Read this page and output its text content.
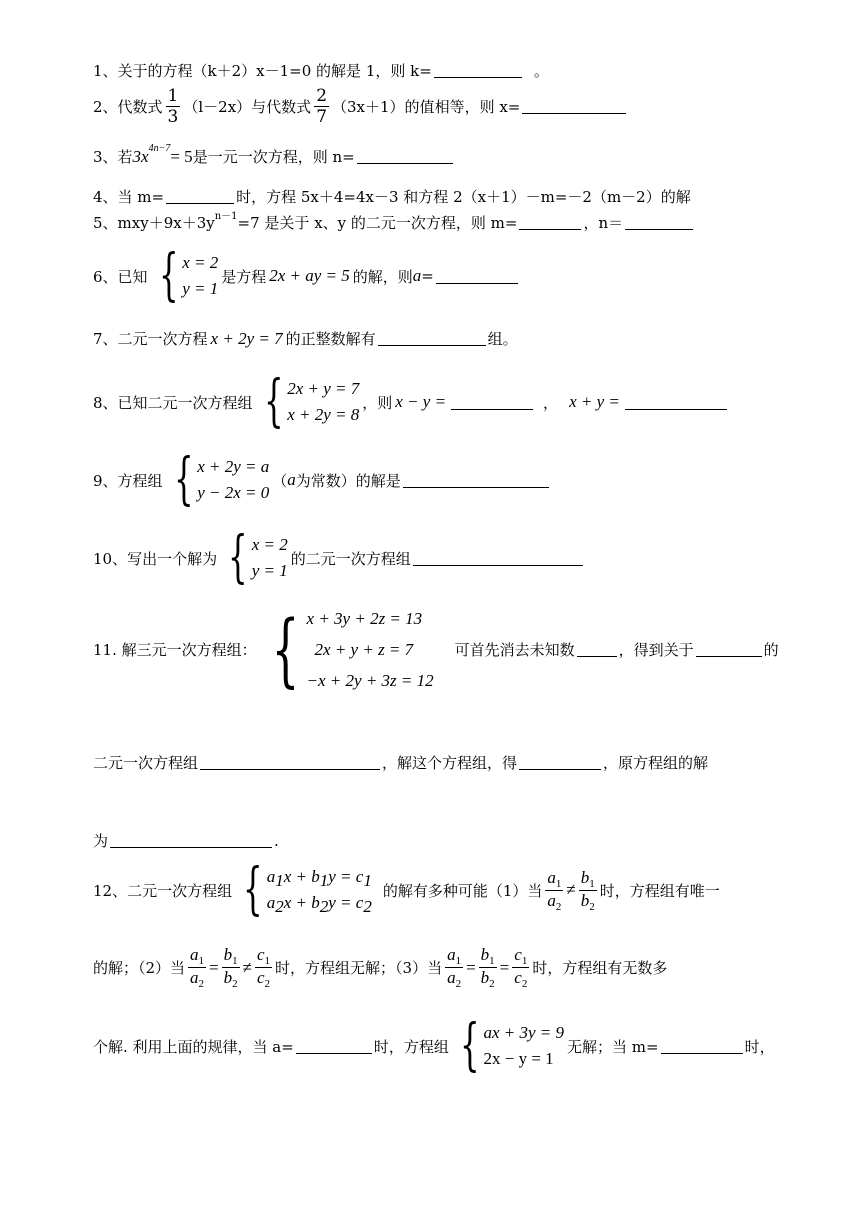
1、关于的方程（k＋2）x－1=0 的解是 1，则 k=	。
2、代数式 $\frac{1}{3} (l-2x)$与代数式 $\frac{2}{7} (3x+1)$的值相等，则 x=
3、若 3x 4n−7 = 5 是一元一次方程，则 n=
4、当 m=	时，方程 5x＋4=4x－3 和方程 2（x＋1）－m=－2（m－2）的解
5、mxy＋9x＋3y n－1 =7 是关于 x、y 的二元一次方程，则 m=	，n＝
6、已知 { x = 2
y = 1
是方程 2x + ay = 5 的解，则 a =
7、二元一次方程 x + 2y = 7 的正整数解有	组。
8、已知二元一次方程组 { 2x + y = 7
x + 2y = 8
，则 x − y =	， x + y =
9、方程组 { x + 2y = a
y − 2x = 0
（ a 为常数）的解是
10、写出一个解为 { x = 2
y = 1
的二元一次方程组
11. 解三元一次方程组： { x + 3y + 2z = 13
2x + y + z = 7
−x + 2y + 3z = 12
可首先消去未知数	，得到关于	的
二元一次方程组	，解这个方程组，得	，原方程组的解
为	.
12、二元一次方程组 { a1x + b1y = c1
a2x + b2y = c2
的解有多种可能（1）当 $\frac{a_1}{a_2} \ne \frac{b_1}{b_2}$ 时，方程组有唯一
的解；（2）当 $\frac{a_1}{a_2} = \frac{b_1}{b_2} \ne \frac{c_1}{c_2}$ 时，方程组无解；（3）当 $\frac{a_1}{a_2} = \frac{b_1}{b_2} = \frac{c_1}{c_2}$ 时，方程组有无数多
个解. 利用上面的规律，当 a=	时，方程组 { ax + 3y = 9
2x − y = 1
无解；当 m=	时，
